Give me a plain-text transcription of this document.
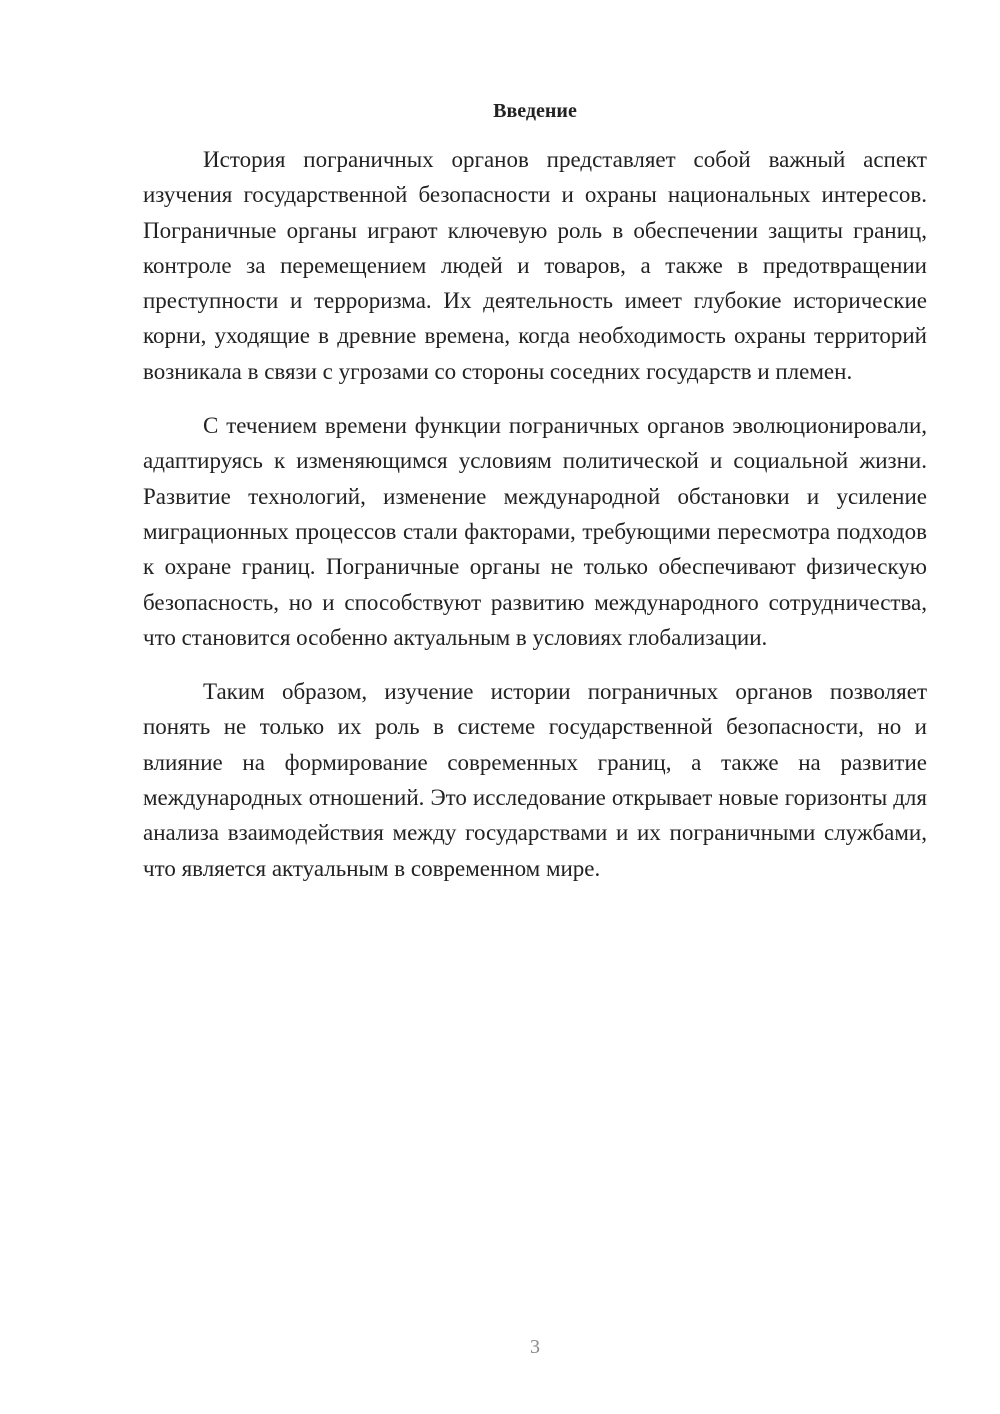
Введение

История пограничных органов представляет собой важный аспект изучения государственной безопасности и охраны национальных интересов. Пограничные органы играют ключевую роль в обеспечении защиты границ, контроле за перемещением людей и товаров, а также в предотвращении преступности и терроризма. Их деятельность имеет глубокие исторические корни, уходящие в древние времена, когда необходимость охраны территорий возникала в связи с угрозами со стороны соседних государств и племен.

С течением времени функции пограничных органов эволюционировали, адаптируясь к изменяющимся условиям политической и социальной жизни. Развитие технологий, изменение международной обстановки и усиление миграционных процессов стали факторами, требующими пересмотра подходов к охране границ. Пограничные органы не только обеспечивают физическую безопасность, но и способствуют развитию международного сотрудничества, что становится особенно актуальным в условиях глобализации.

Таким образом, изучение истории пограничных органов позволяет понять не только их роль в системе государственной безопасности, но и влияние на формирование современных границ, а также на развитие международных отношений. Это исследование открывает новые горизонты для анализа взаимодействия между государствами и их пограничными службами, что является актуальным в современном мире.

3
